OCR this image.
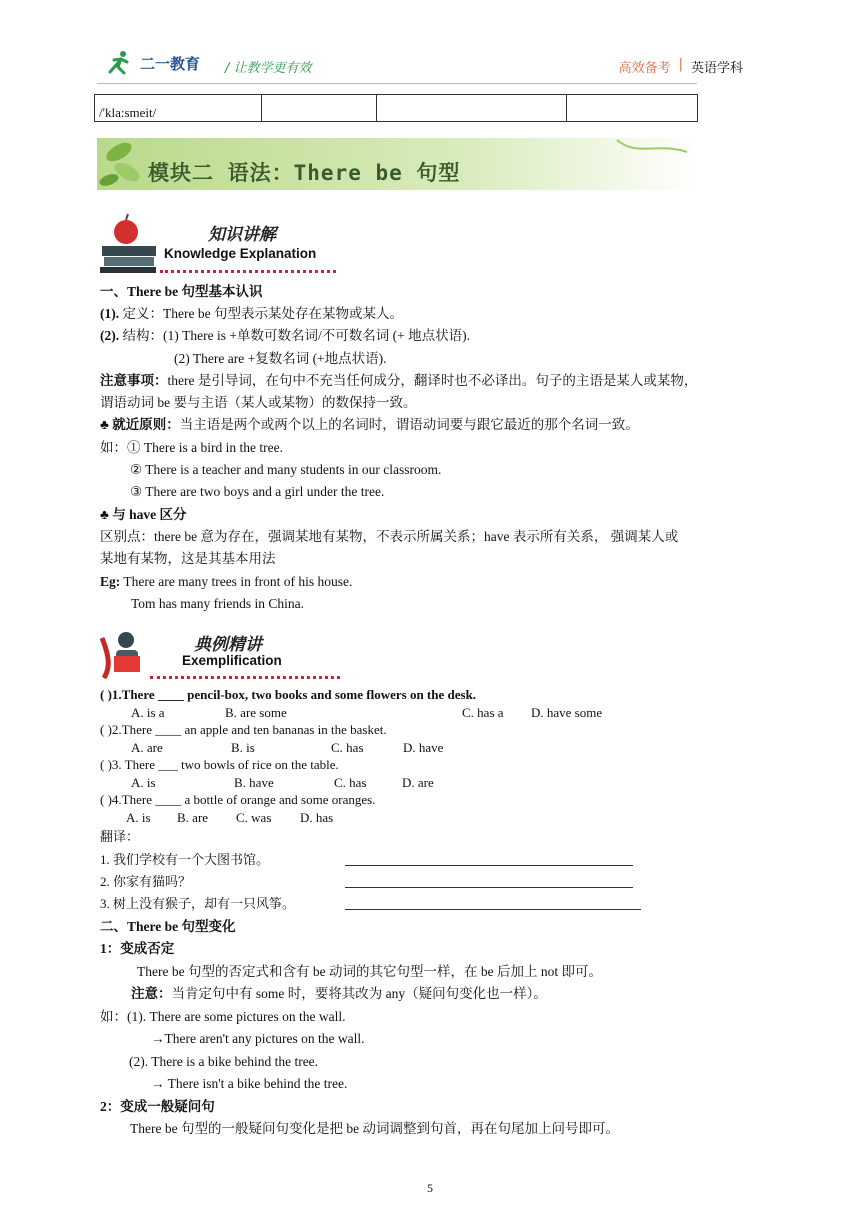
二一教育 / 让教学更有效	高效备考 | 英语学科
/'kla:smeit/			
模块二 语法：There be 句型
知识讲解
Knowledge Explanation
一、There be 句型基本认识
(1). 定义：There be 句型表示某处存在某物或某人。
(2). 结构：(1) There is +单数可数名词/不可数名词 (+ 地点状语).
(2) There are +复数名词 (+地点状语).
注意事项：there 是引导词，在句中不充当任何成分，翻译时也不必译出。句子的主语是某人或某物，
谓语动词 be 要与主语（某人或某物）的数保持一致。
♣ 就近原则：当主语是两个或两个以上的名词时，谓语动词要与跟它最近的那个名词一致。
如：① There is a bird in the tree.
② There is a teacher and many students in our classroom.
③ There are two boys and a girl under the tree.
♣ 与 have 区分
区别点：there be 意为存在，强调某地有某物，不表示所属关系；have 表示所有关系， 强调某人或
某地有某物，这是其基本用法
Eg: There are many trees in front of his house.
Tom has many friends in China.
典例精讲
Exemplification
( )1.There ____ pencil-box, two books and some flowers on the desk.
A. is a	B. are some	C. has a D. have some
( )2.There ____ an apple and ten bananas in the basket.
A. are	B. is	C. has	D. have
( )3. There ___ two bowls of rice on the table.
A. is	B. have	C. has	D. are
( )4.There ____ a bottle of orange and some oranges.
A. is B. are C. was D. has
翻译：
1. 我们学校有一个大图书馆。
2. 你家有猫吗？
3. 树上没有猴子，却有一只风筝。
二、There be 句型变化
1：变成否定
There be 句型的否定式和含有 be 动词的其它句型一样，在 be 后加上 not 即可。
注意：当肯定句中有 some 时，要将其改为 any（疑问句变化也一样）。
如：(1). There are some pictures on the wall.
→There aren't any pictures on the wall.
(2). There is a bike behind the tree.
→ There isn't a bike behind the tree.
2：变成一般疑问句
There be 句型的一般疑问句变化是把 be 动词调整到句首，再在句尾加上问号即可。
5
